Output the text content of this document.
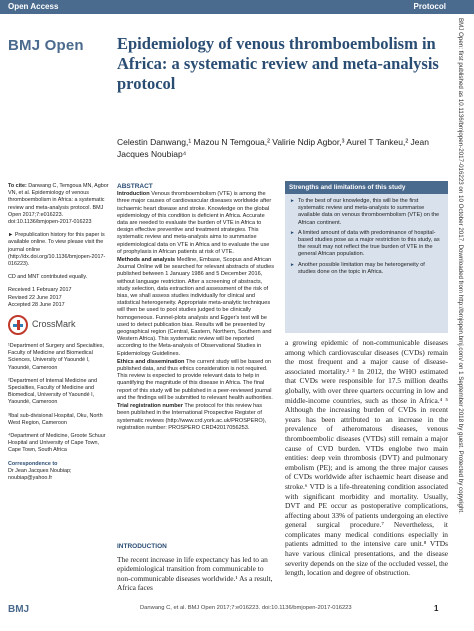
Open Access	Protocol
BMJ Open Epidemiology of venous thromboembolism in Africa: a systematic review and meta-analysis protocol
Celestin Danwang,¹ Mazou N Temgoua,² Valirie Ndip Agbor,³ Aurel T Tankeu,² Jean Jacques Noubiap⁴

To cite: Danwang C, Temgoua MN, Agbor VN, et al. Epidemiology of venous thromboembolism in Africa: a systematic review and meta-analysis protocol. BMJ Open 2017;7:e016223. doi:10.1136/bmjopen-2017-016223

► Prepublication history for this paper is available online. To view please visit the journal online (http://dx.doi.org/10.1136/bmjopen-2017-016223).

CD and MNT contributed equally.

Received 1 February 2017
Revised 22 June 2017
Accepted 28 June 2017

CrossMark

¹Department of Surgery and Specialties, Faculty of Medicine and Biomedical Sciences, University of Yaoundé I, Yaoundé, Cameroon

²Department of Internal Medicine and Specialties, Faculty of Medicine and Biomedical, University of Yaoundé I, Yaoundé, Cameroon

³Ibal sub-divisional Hospital, Oku, North West Region, Cameroon

⁴Department of Medicine, Groote Schuur Hospital and University of Cape Town, Cape Town, South Africa

Correspondence to
Dr Jean Jacques Noubiap; noubiap@yahoo.fr

ABSTRACT

Introduction Venous thromboembolism (VTE) is among the three major causes of cardiovascular diseases worldwide after ischaemic heart disease and stroke. Knowledge on the global epidemiology of this condition is deficient in Africa. Accurate data are needed to evaluate the burden of VTE in Africa to design effective preventive and treatment strategies. This systematic review and meta-analysis aims to summarise epidemiological data on VTE in Africa and to evaluate the use of prophylaxis in African patients at risk of VTE.

Methods and analysis Medline, Embase, Scopus and African Journal Online will be searched for relevant abstracts of studies published between 1 January 1986 and 5 December 2016, without language restriction. After a screening of abstracts, study selection, data extraction and assessment of the risk of bias, we shall assess studies individually for clinical and statistical heterogeneity. Appropriate meta-analytic techniques will then be used to pool studies judged to be clinically homogeneous. Funnel-plots analysis and Egger's test will be used to detect publication bias. Results will be presented by geographical region (Central, Eastern, Northern, Southern and Western Africa). This systematic review will be reported according to the Meta-analysis of Observational Studies in Epidemiology Guidelines.

Ethics and dissemination The current study will be based on published data, and thus ethics consideration is not required. This review is expected to provide relevant data to help in quantifying the magnitude of this disease in Africa. The final report of this study will be published in a peer-reviewed journal and the findings will be submitted to relevant health authorities.

Trial registration number The protocol for this review has been published in the International Prospective Register of systematic reviews (http://www.crd.york.ac.uk/PROSPERO), registration number: PROSPERO CRD42017056253.

INTRODUCTION
The recent increase in life expectancy has led to an epidemiological transition from communicable to non-communicable diseases worldwide.¹ As a result, Africa faces
Strengths and limitations of this study
► To the best of our knowledge, this will be the first systematic review and meta-analysis to summarise available data on venous thromboembolism (VTE) on the African continent.
► A limited amount of data with predominance of hospital-based studies pose as a major restriction to this study, as the result may not reflect the true burden of VTE in the general African population.
► Another possible limitation may be heterogeneity of studies done on the topic in Africa.
a growing epidemic of non-communicable diseases among which cardiovascular diseases (CVDs) remain the most frequent and a major cause of disease-associated mortality.² ³ In 2012, the WHO estimated that CVDs were responsible for 17.5 million deaths globally, with over three quarters occurring in low and middle-income countries, such as those in Africa.⁴ ⁵ Although the increasing burden of CVDs in recent years has been attributed to an increase in the prevalence of atheromatous diseases, venous thromboembolic diseases (VTDs) still remain a major cause of CVD burden. VTDs englobe two main entities: deep vein thrombosis (DVT) and pulmonary embolism (PE); and is among the three major causes of CVDs worldwide after ischaemic heart disease and stroke.⁶ VTD is a life-threatening condition associated with significant morbidity and mortality. Usually, DVT and PE occur as postoperative complications, affecting about 33% of patients undergoing an elective general surgical procedure.⁷ Nevertheless, it complicates many medical conditions especially in patients admitted to the intensive care unit.⁸ VTDs have various clinical presentations, and the disease severity depends on the size of the occluded vessel, the length, location and degree of obstruction.
BMJ	Danwang C, et al. BMJ Open 2017;7:e016223. doi:10.1136/bmjopen-2017-016223	1
BMJ Open: first published as 10.1136/bmjopen-2017-016223 on 10 October 2017. Downloaded from http://bmjopen.bmj.com/ on 1 September 2018 by guest. Protected by copyright.
